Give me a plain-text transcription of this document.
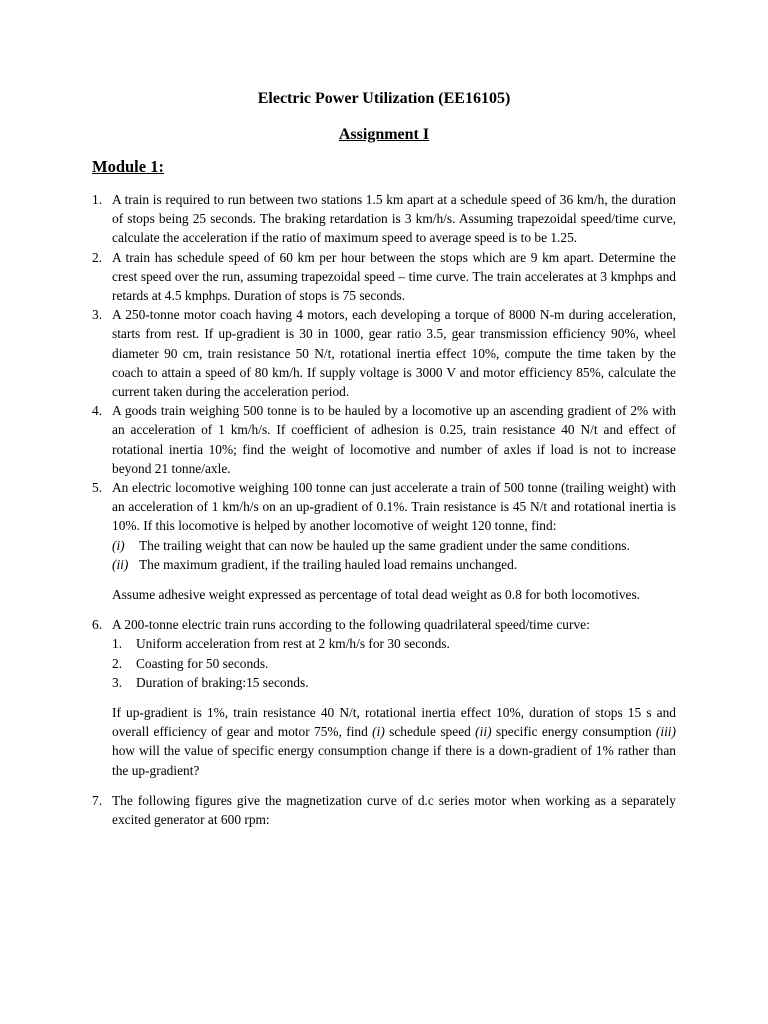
Electric Power Utilization (EE16105)
Assignment I
Module 1:
1. A train is required to run between two stations 1.5 km apart at a schedule speed of 36 km/h, the duration of stops being 25 seconds. The braking retardation is 3 km/h/s. Assuming trapezoidal speed/time curve, calculate the acceleration if the ratio of maximum speed to average speed is to be 1.25.

2. A train has schedule speed of 60 km per hour between the stops which are 9 km apart. Determine the crest speed over the run, assuming trapezoidal speed – time curve. The train accelerates at 3 kmphps and retards at 4.5 kmphps. Duration of stops is 75 seconds.

3. A 250-tonne motor coach having 4 motors, each developing a torque of 8000 N-m during acceleration, starts from rest. If up-gradient is 30 in 1000, gear ratio 3.5, gear transmission efficiency 90%, wheel diameter 90 cm, train resistance 50 N/t, rotational inertia effect 10%, compute the time taken by the coach to attain a speed of 80 km/h. If supply voltage is 3000 V and motor efficiency 85%, calculate the current taken during the acceleration period.

4. A goods train weighing 500 tonne is to be hauled by a locomotive up an ascending gradient of 2% with an acceleration of 1 km/h/s. If coefficient of adhesion is 0.25, train resistance 40 N/t and effect of rotational inertia 10%; find the weight of locomotive and number of axles if load is not to increase beyond 21 tonne/axle.

5. An electric locomotive weighing 100 tonne can just accelerate a train of 500 tonne (trailing weight) with an acceleration of 1 km/h/s on an up-gradient of 0.1%. Train resistance is 45 N/t and rotational inertia is 10%. If this locomotive is helped by another locomotive of weight 120 tonne, find:

(i)	The trailing weight that can now be hauled up the same gradient under the same conditions.
(ii) The maximum gradient, if the trailing hauled load remains unchanged.

Assume adhesive weight expressed as percentage of total dead weight as 0.8 for both locomotives.

6. A 200-tonne electric train runs according to the following quadrilateral speed/time curve:

1.	Uniform acceleration from rest at 2 km/h/s for 30 seconds.
2.	Coasting for 50 seconds.
3.	Duration of braking:15 seconds.

If up-gradient is 1%, train resistance 40 N/t, rotational inertia effect 10%, duration of stops 15 s and overall efficiency of gear and motor 75%, find (i) schedule speed (ii) specific energy consumption (iii) how will the value of specific energy consumption change if there is a down-gradient of 1% rather than the up-gradient?

7. The following figures give the magnetization curve of d.c series motor when working as a separately excited generator at 600 rpm:
